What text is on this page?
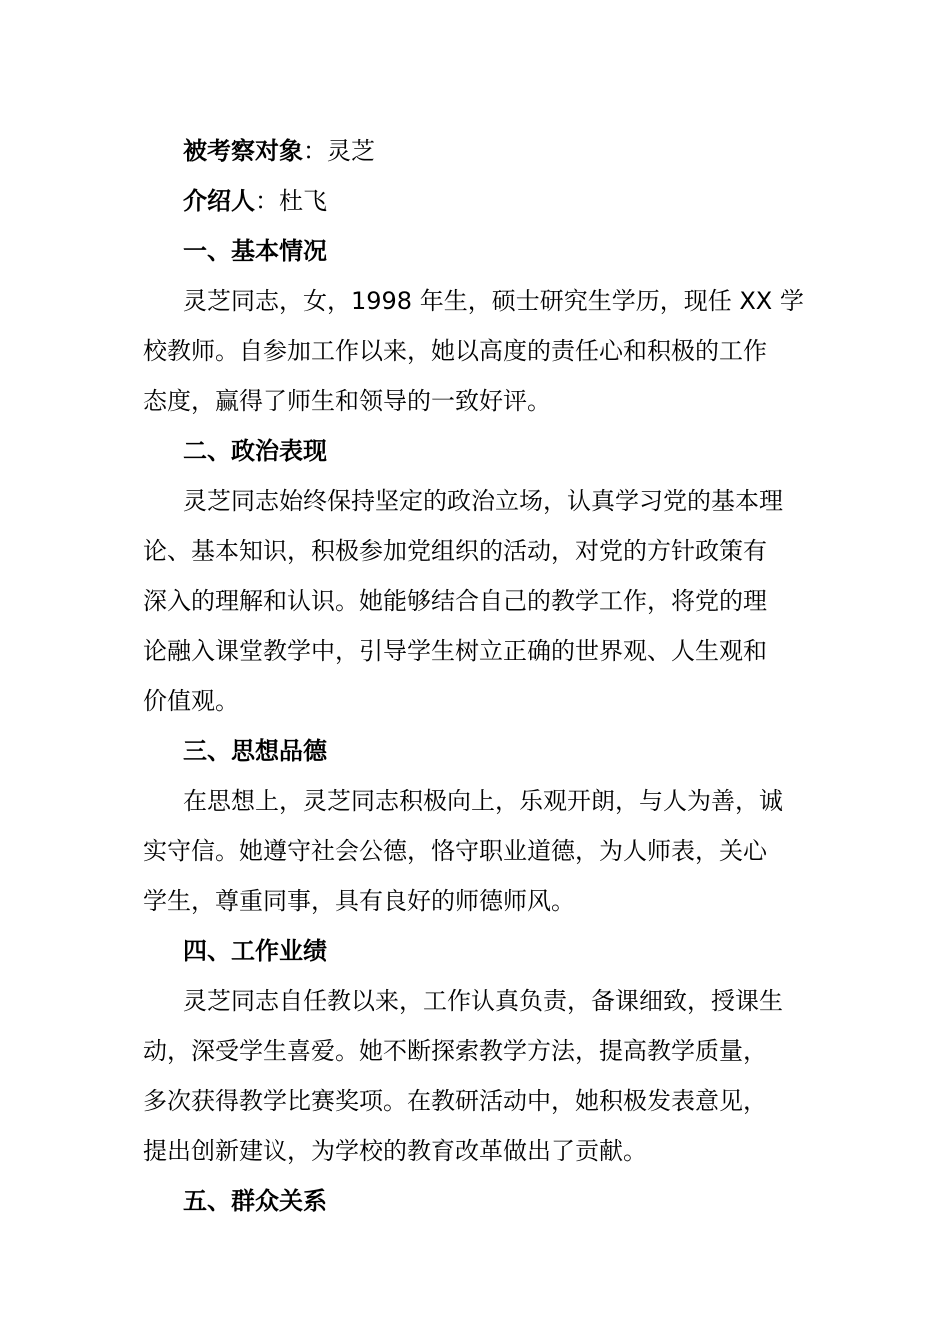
被考察对象：灵芝
介绍人：杜飞
一、基本情况
灵芝同志，女，1998 年生，硕士研究生学历，现任 XX 学
校教师。自参加工作以来，她以高度的责任心和积极的工作
态度，赢得了师生和领导的一致好评。
二、政治表现
灵芝同志始终保持坚定的政治立场，认真学习党的基本理
论、基本知识，积极参加党组织的活动，对党的方针政策有
深入的理解和认识。她能够结合自己的教学工作，将党的理
论融入课堂教学中，引导学生树立正确的世界观、人生观和
价值观。
三、思想品德
在思想上，灵芝同志积极向上，乐观开朗，与人为善，诚
实守信。她遵守社会公德，恪守职业道德，为人师表，关心
学生，尊重同事，具有良好的师德师风。
四、工作业绩
灵芝同志自任教以来，工作认真负责，备课细致，授课生
动，深受学生喜爱。她不断探索教学方法，提高教学质量，
多次获得教学比赛奖项。在教研活动中，她积极发表意见，
提出创新建议，为学校的教育改革做出了贡献。
五、群众关系
